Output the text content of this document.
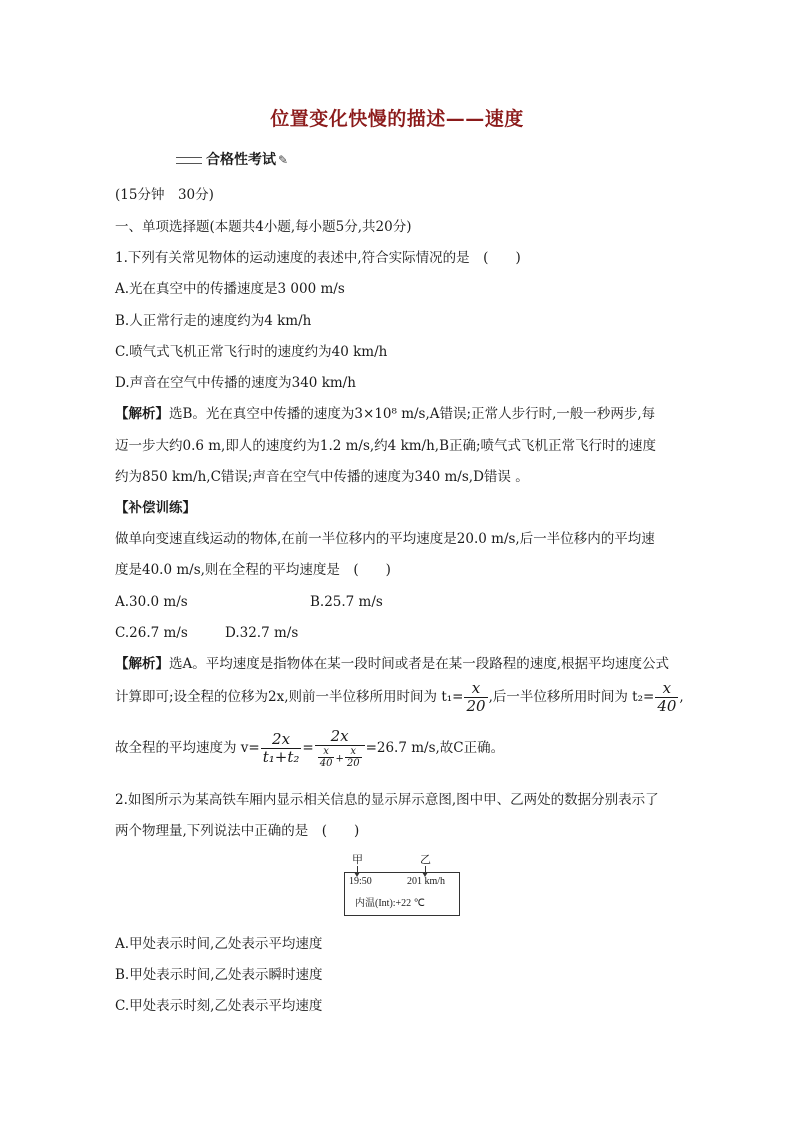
位置变化快慢的描述——速度
合格性考试 ✎
(15分钟　30分)
一、单项选择题(本题共4小题,每小题5分,共20分)
1.下列有关常见物体的运动速度的表述中,符合实际情况的是　(　　)
A.光在真空中的传播速度是3 000 m/s
B.人正常行走的速度约为4 km/h
C.喷气式飞机正常飞行时的速度约为40 km/h
D.声音在空气中传播的速度为340 km/h
【解析】选B。光在真空中传播的速度为3×10⁸ m/s,A错误;正常人步行时,一般一秒两步,每
迈一步大约0.6 m,即人的速度约为1.2 m/s,约4 km/h,B正确;喷气式飞机正常飞行时的速度
约为850 km/h,C错误;声音在空气中传播的速度为340 m/s,D错误 。
【补偿训练】
做单向变速直线运动的物体,在前一半位移内的平均速度是20.0 m/s,后一半位移内的平均速
度是40.0 m/s,则在全程的平均速度是　(　　)
A.30.0 m/s	B.25.7 m/s
C.26.7 m/s	D.32.7 m/s
【解析】选A。平均速度是指物体在某一段时间或者是在某一段路程的速度,根据平均速度公式
计算即可;设全程的位移为2x,则前一半位移所用时间为 $t_1= \frac{x}{20}$ ,后一半位移所用时间为 $t_2= \frac{x}{40}$ ,
故全程的平均速度为 $v= \frac{2x}{\text{t₁+t₂}} = \frac{2x}{\frac{x}{40} + \frac{x}{20}} =26.7$ m/s,故C正确。
2.如图所示为某高铁车厢内显示相关信息的显示屏示意图,图中甲、乙两处的数据分别表示了
两个物理量,下列说法中正确的是　(　　)
甲	乙
19:50	201 km/h
内温(Int):+22 ℃
A.甲处表示时间,乙处表示平均速度
B.甲处表示时间,乙处表示瞬时速度
C.甲处表示时刻,乙处表示平均速度
